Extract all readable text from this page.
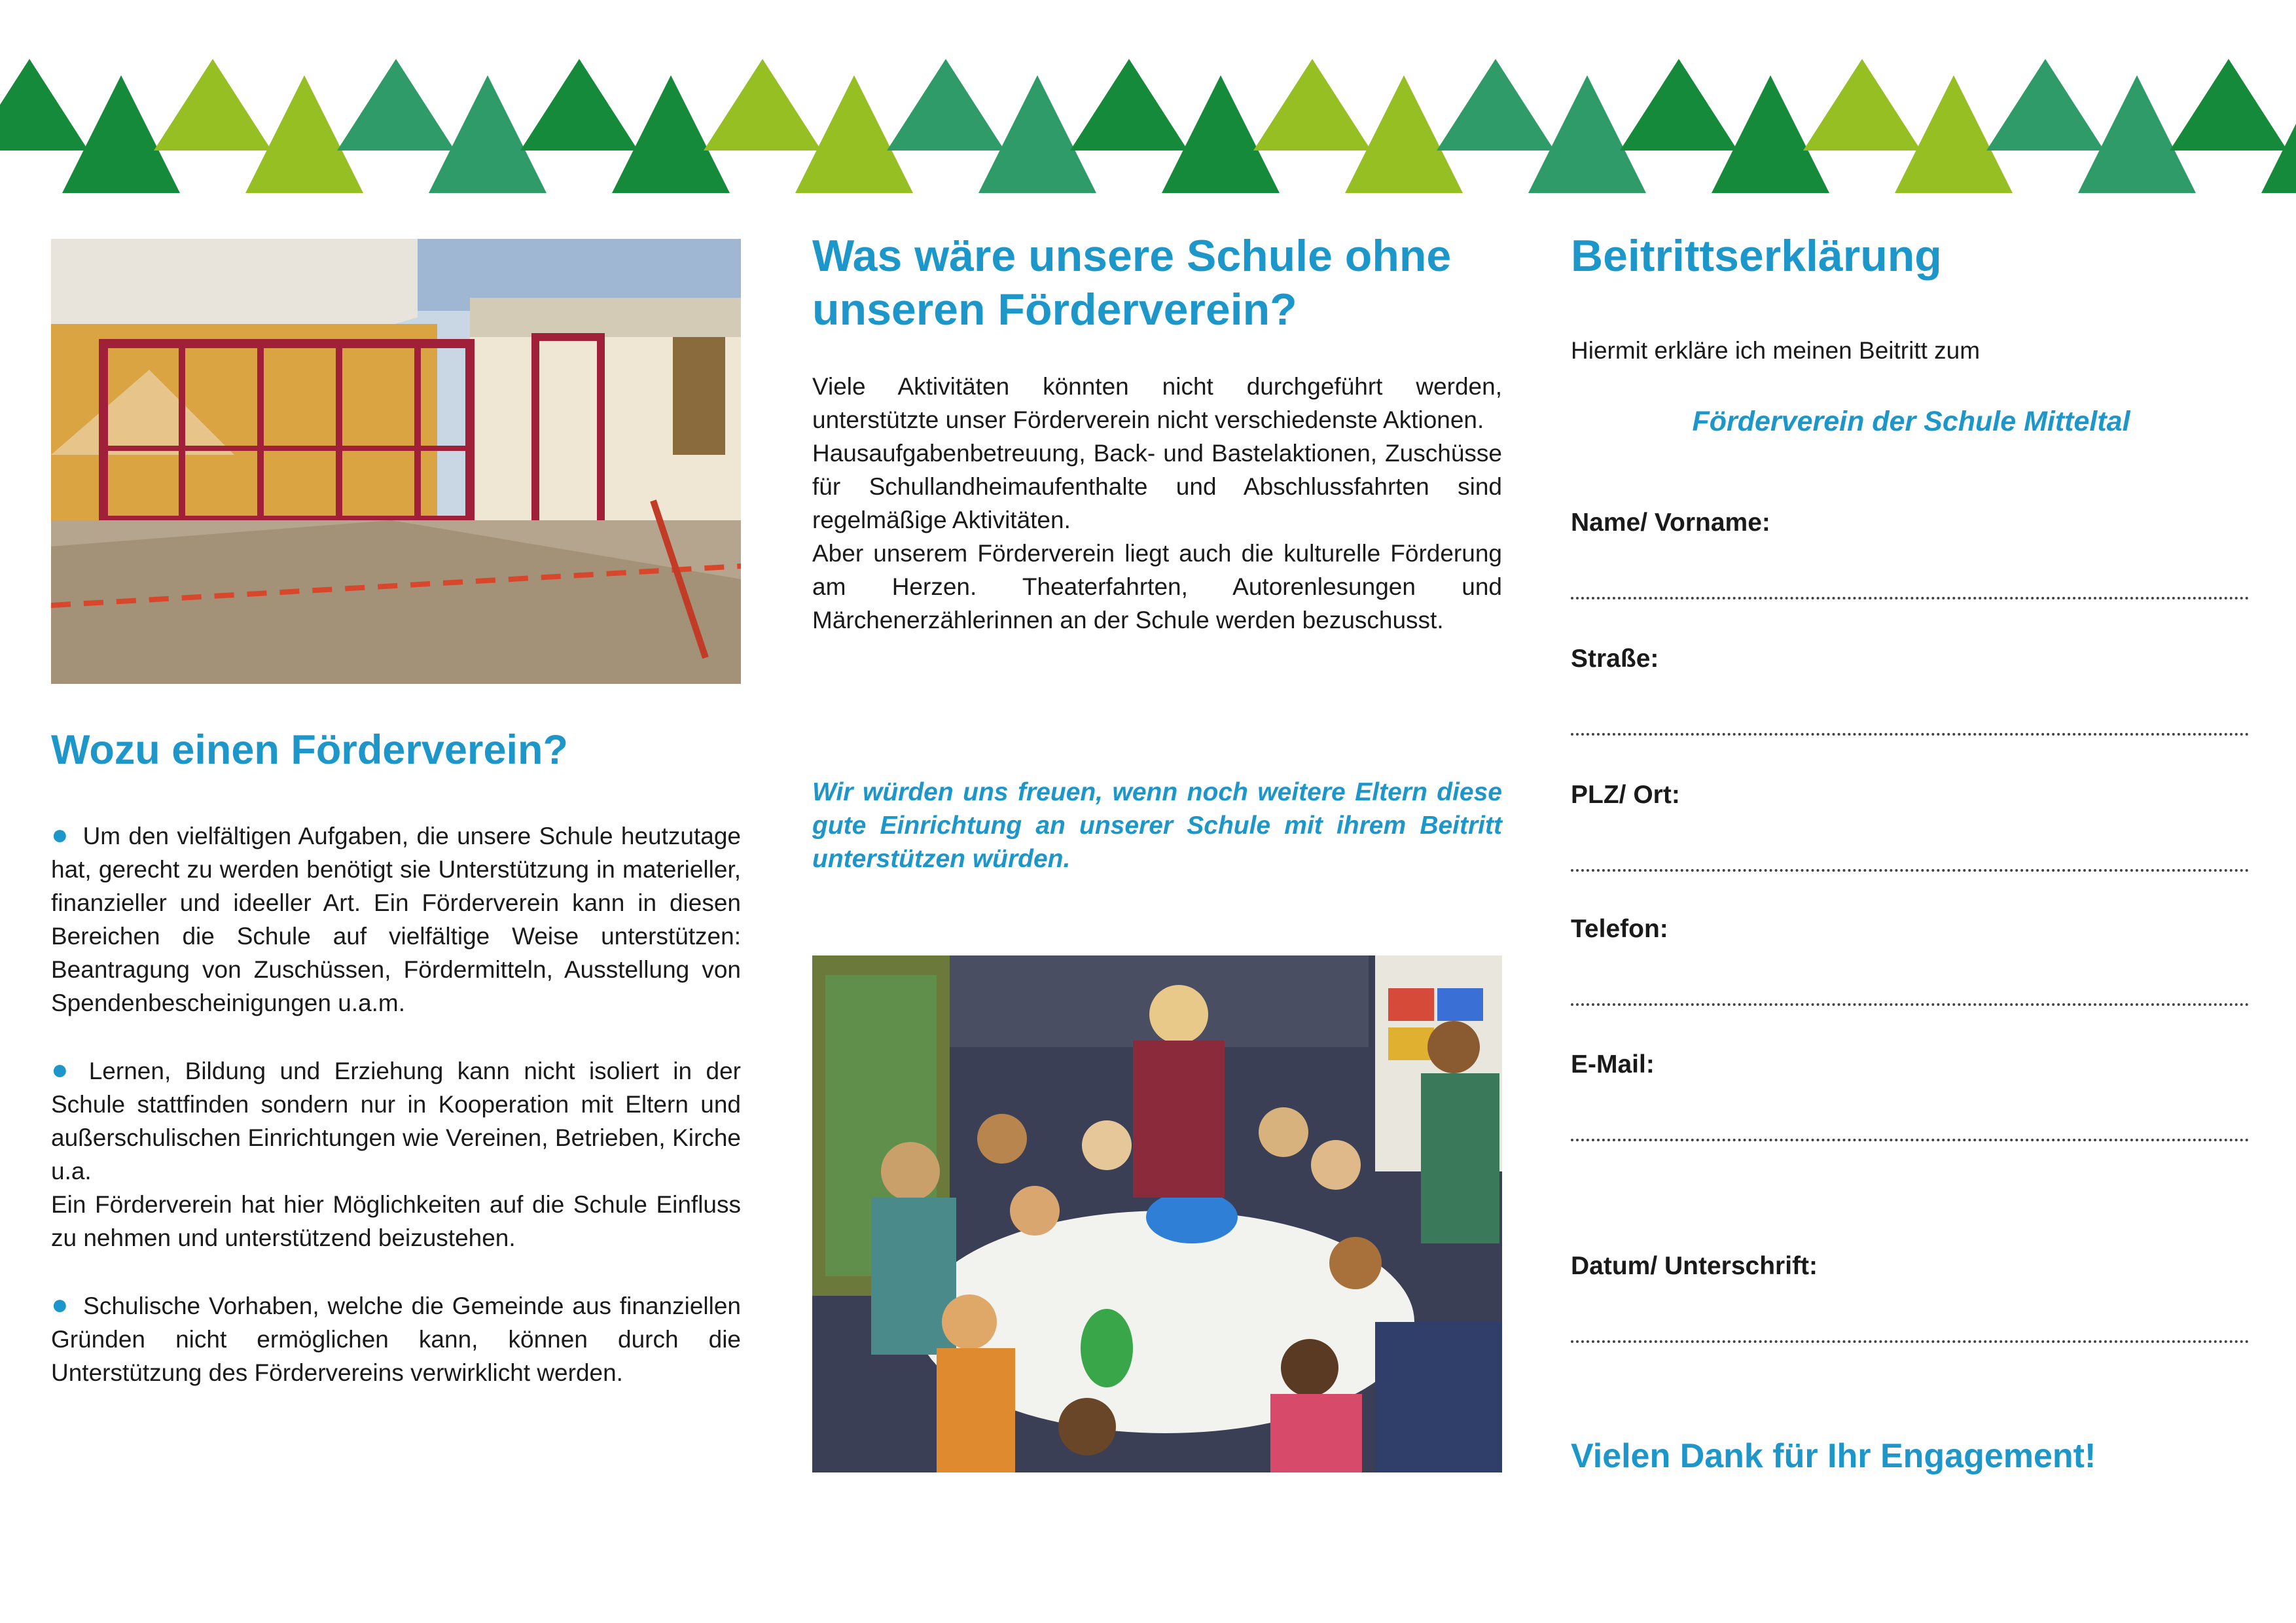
Wozu einen Förderverein?

● Um den vielfältigen Aufgaben, die unsere Schule heutzutage hat, gerecht zu werden benötigt sie Unterstützung in materieller, finanzieller und ideeller Art. Ein Förderverein kann in diesen Bereichen die Schule auf vielfältige Weise unterstützen: Beantragung von Zuschüssen, Fördermitteln, Ausstellung von Spendenbescheinigungen u.a.m.

● Lernen, Bildung und Erziehung kann nicht isoliert in der Schule stattfinden sondern nur in Kooperation mit Eltern und außerschulischen Einrichtungen wie Vereinen, Betrieben, Kirche u.a.

Ein Förderverein hat hier Möglichkeiten auf die Schule Einfluss zu nehmen und unterstützend beizustehen.

● Schulische Vorhaben, welche die Gemeinde aus finanziellen Gründen nicht ermöglichen kann, können durch die Unterstützung des Fördervereins verwirklicht werden.

Was wäre unsere Schule ohne unseren Förderverein?

Viele Aktivitäten könnten nicht durchgeführt werden, unterstützte unser Förderverein nicht verschiedenste Aktionen.

Hausaufgabenbetreuung, Back- und Bastelaktionen, Zuschüsse für Schullandheimaufenthalte und Abschlussfahrten sind regelmäßige Aktivitäten.

Aber unserem Förderverein liegt auch die kulturelle Förderung am Herzen. Theaterfahrten, Autorenlesungen und Märchenerzählerinnen an der Schule werden bezuschusst.

Wir würden uns freuen, wenn noch weitere Eltern diese gute Einrichtung an unserer Schule mit ihrem Beitritt unterstützen würden.

Beitrittserklärung

Hiermit erkläre ich meinen Beitritt zum

Förderverein der Schule Mitteltal

Name/ Vorname:

Straße:

PLZ/ Ort:

Telefon:

E-Mail:

Datum/ Unterschrift:

Vielen Dank für Ihr Engagement!
